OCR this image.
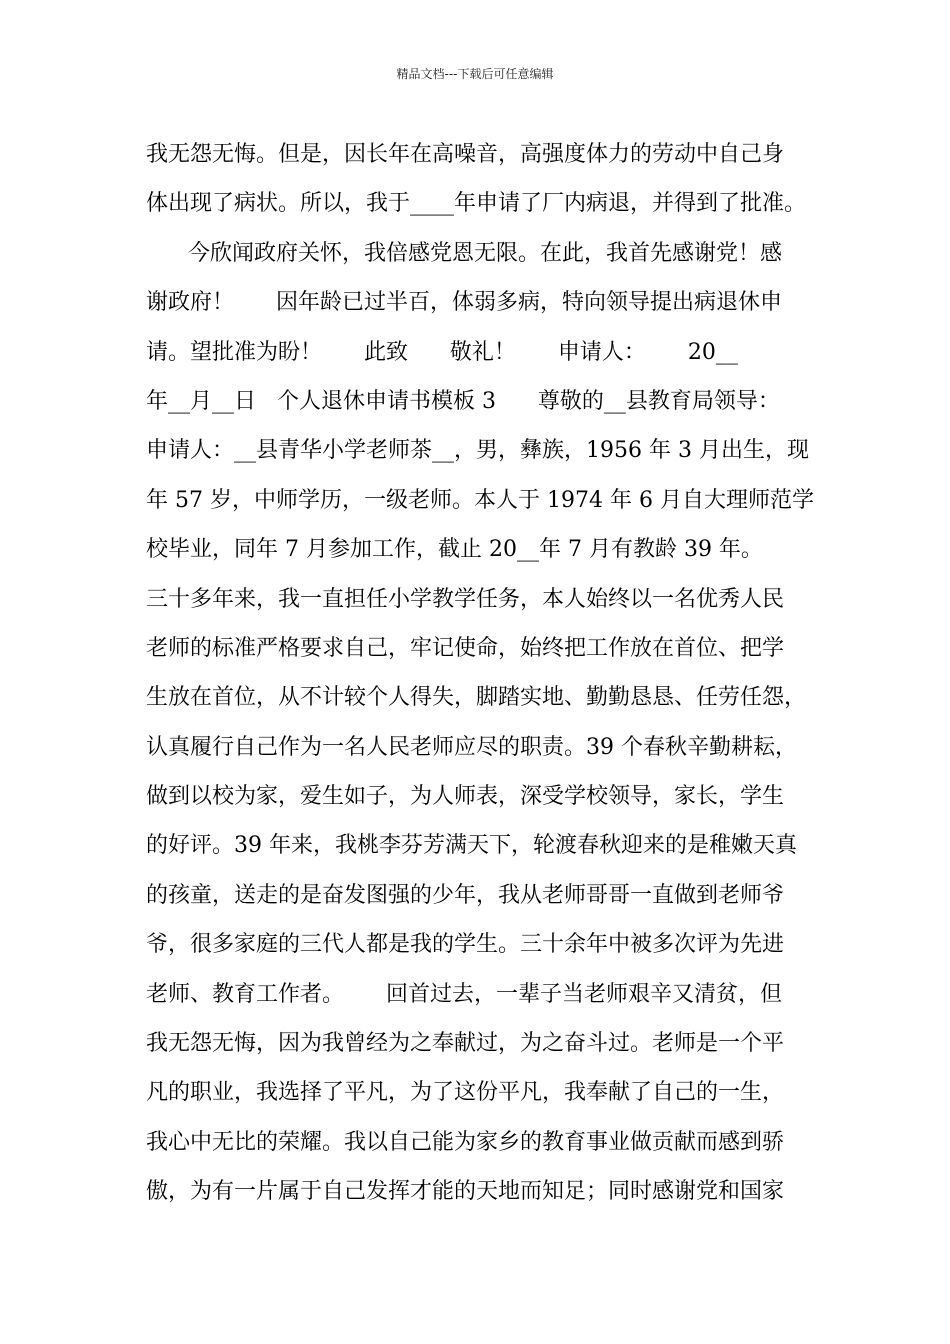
精品文档---下载后可任意编辑
我无怨无悔。但是，因长年在高噪音，高强度体力的劳动中自己身
体出现了病状。所以，我于____年申请了厂内病退，并得到了批准。
今欣闻政府关怀，我倍感党恩无限。在此，我首先感谢党！感
谢政府！      因年龄已过半百，体弱多病，特向领导提出病退休申
请。望批准为盼！      此致      敬礼！      申请人：      20__
年__月__日   个人退休申请书模板 3      尊敬的__县教育局领导：
申请人：__县青华小学老师茶__，男，彝族，1956 年 3 月出生，现
年 57 岁，中师学历，一级老师。本人于 1974 年 6 月自大理师范学
校毕业，同年 7 月参加工作，截止 20__年 7 月有教龄 39 年。
三十多年来，我一直担任小学教学任务，本人始终以一名优秀人民
老师的标准严格要求自己，牢记使命，始终把工作放在首位、把学
生放在首位，从不计较个人得失，脚踏实地、勤勤恳恳、任劳任怨，
认真履行自己作为一名人民老师应尽的职责。39 个春秋辛勤耕耘，
做到以校为家，爱生如子，为人师表，深受学校领导，家长，学生
的好评。39 年来，我桃李芬芳满天下，轮渡春秋迎来的是稚嫩天真
的孩童，送走的是奋发图强的少年，我从老师哥哥一直做到老师爷
爷，很多家庭的三代人都是我的学生。三十余年中被多次评为先进
老师、教育工作者。      回首过去，一辈子当老师艰辛又清贫，但
我无怨无悔，因为我曾经为之奉献过，为之奋斗过。老师是一个平
凡的职业，我选择了平凡，为了这份平凡，我奉献了自己的一生，
我心中无比的荣耀。我以自己能为家乡的教育事业做贡献而感到骄
傲，为有一片属于自己发挥才能的天地而知足；同时感谢党和国家
